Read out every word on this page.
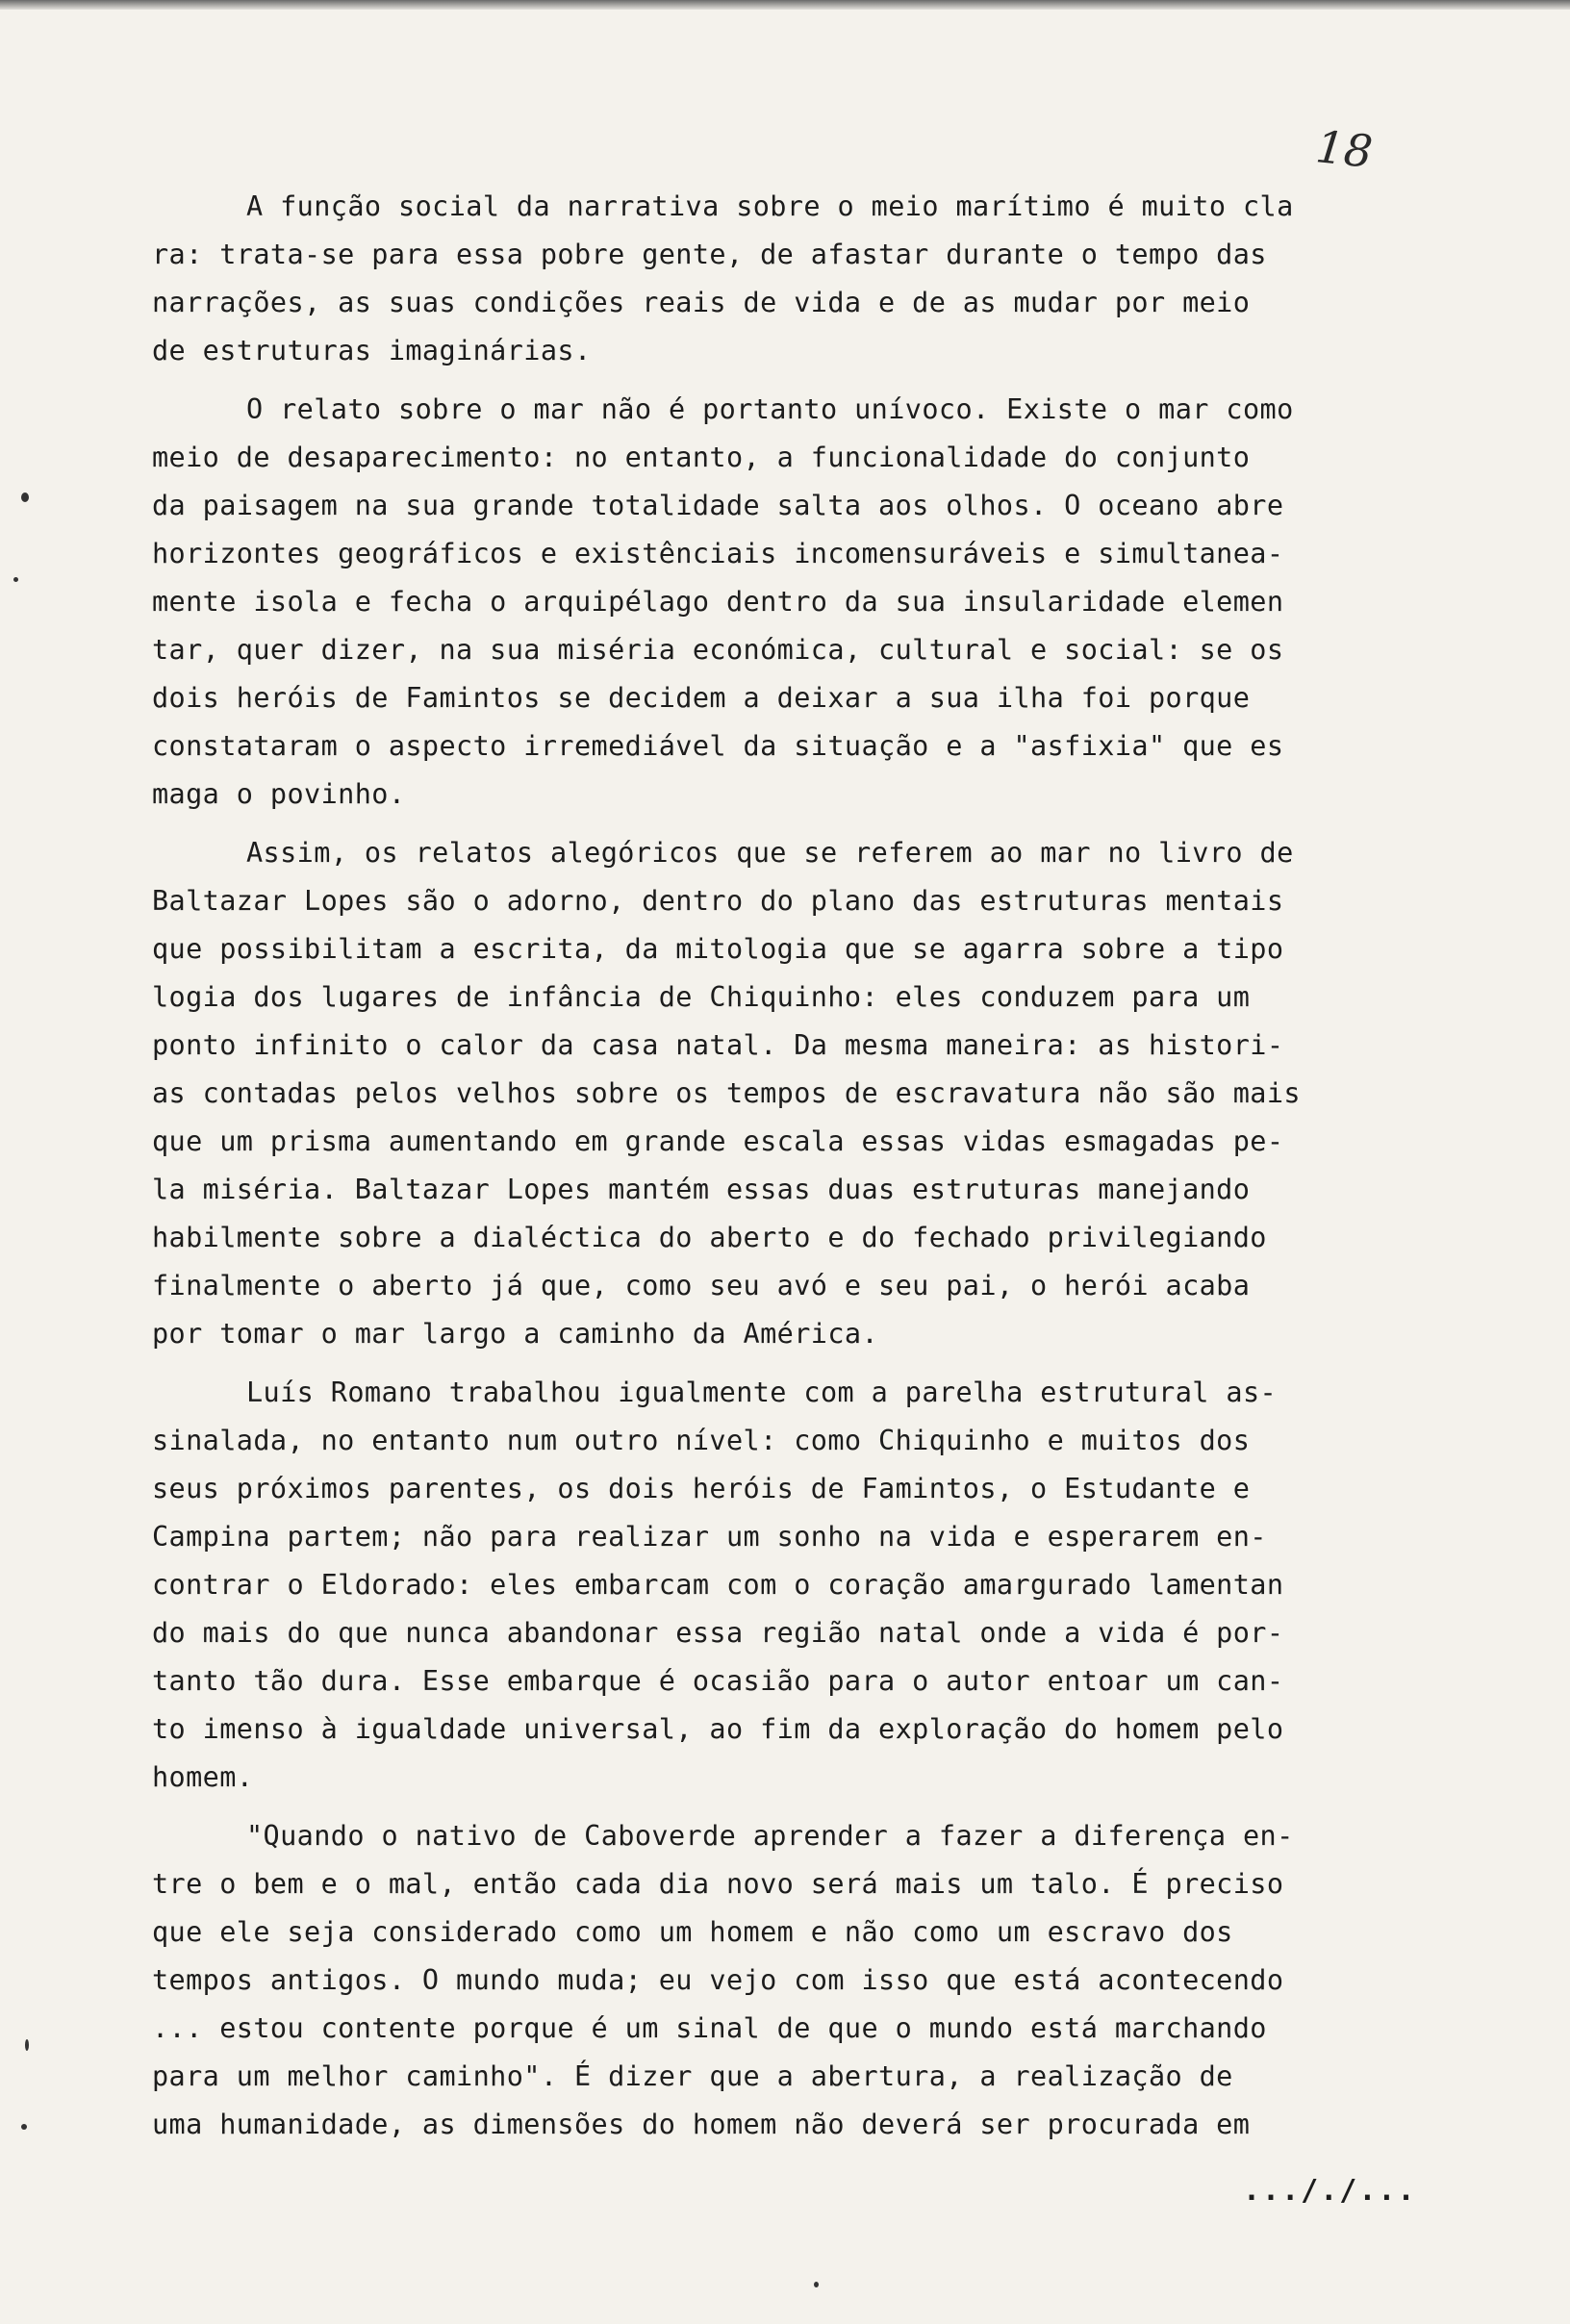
18
A função social da narrativa sobre o meio marítimo é muito cla
ra: trata-se para essa pobre gente, de afastar durante o tempo das
narrações, as suas condições reais de vida e de as mudar por meio
de estruturas imaginárias.
O relato sobre o mar não é portanto unívoco. Existe o mar como
meio de desaparecimento: no entanto, a funcionalidade do conjunto
da paisagem na sua grande totalidade salta aos olhos. O oceano abre
horizontes geográficos e existênciais incomensuráveis e simultanea-
mente isola e fecha o arquipélago dentro da sua insularidade elemen
tar, quer dizer, na sua miséria económica, cultural e social: se os
dois heróis de Famintos se decidem a deixar a sua ilha foi porque
constataram o aspecto irremediável da situação e a "asfixia" que es
maga o povinho.
Assim, os relatos alegóricos que se referem ao mar no livro de
Baltazar Lopes são o adorno, dentro do plano das estruturas mentais
que possibilitam a escrita, da mitologia que se agarra sobre a tipo
logia dos lugares de infância de Chiquinho: eles conduzem para um
ponto infinito o calor da casa natal. Da mesma maneira: as histori-
as contadas pelos velhos sobre os tempos de escravatura não são mais
que um prisma aumentando em grande escala essas vidas esmagadas pe-
la miséria. Baltazar Lopes mantém essas duas estruturas manejando
habilmente sobre a dialéctica do aberto e do fechado privilegiando
finalmente o aberto já que, como seu avó e seu pai, o herói acaba
por tomar o mar largo a caminho da América.
Luís Romano trabalhou igualmente com a parelha estrutural as-
sinalada, no entanto num outro nível: como Chiquinho e muitos dos
seus próximos parentes, os dois heróis de Famintos, o Estudante e
Campina partem; não para realizar um sonho na vida e esperarem en-
contrar o Eldorado: eles embarcam com o coração amargurado lamentan
do mais do que nunca abandonar essa região natal onde a vida é por-
tanto tão dura. Esse embarque é ocasião para o autor entoar um can-
to imenso à igualdade universal, ao fim da exploração do homem pelo
homem.
"Quando o nativo de Caboverde aprender a fazer a diferença en-
tre o bem e o mal, então cada dia novo será mais um talo. É preciso
que ele seja considerado como um homem e não como um escravo dos
tempos antigos. O mundo muda; eu vejo com isso que está acontecendo
... estou contente porque é um sinal de que o mundo está marchando
para um melhor caminho". É dizer que a abertura, a realização de
uma humanidade, as dimensões do homem não deverá ser procurada em
..././...
